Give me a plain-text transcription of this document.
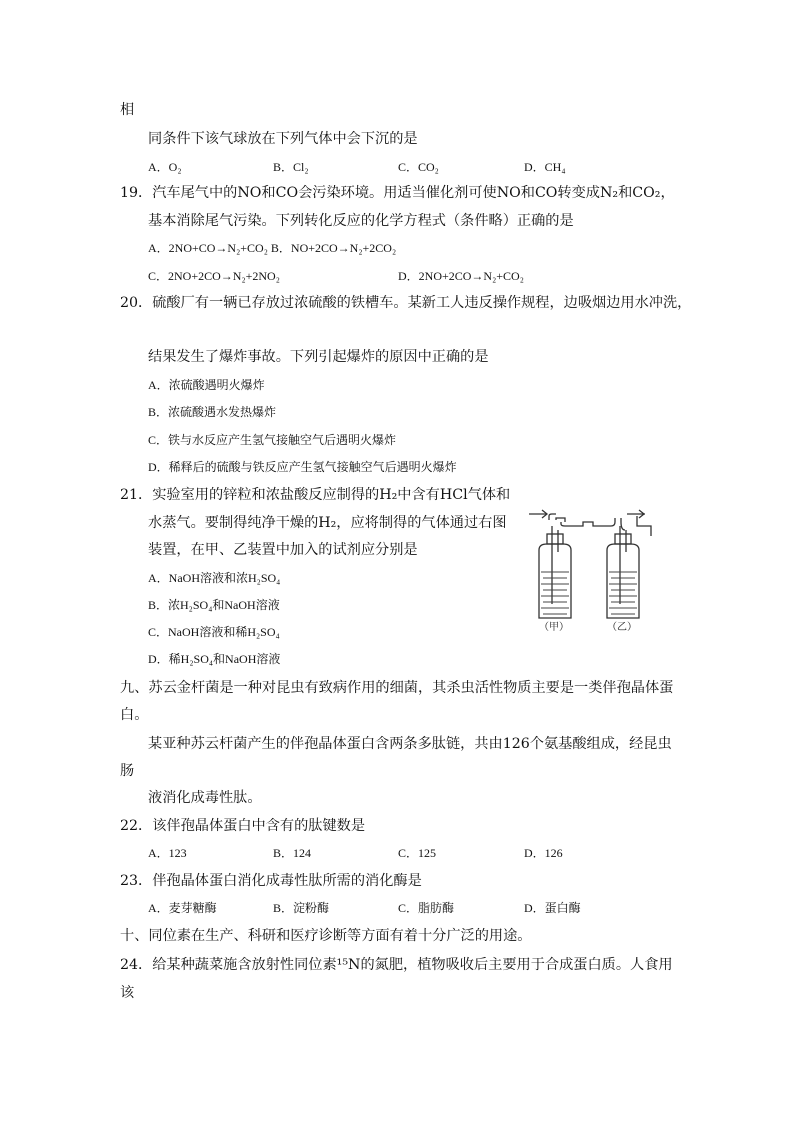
相
同条件下该气球放在下列气体中会下沉的是
A．O₂	B．Cl₂	C．CO₂	D．CH₄
19．汽车尾气中的NO和CO会污染环境。用适当催化剂可使NO和CO转变成N₂和CO₂，
基本消除尾气污染。下列转化反应的化学方程式（条件略）正确的是
A．2NO+CO→N₂+CO₂ B．NO+2CO→N₂+2CO₂
C．2NO+2CO→N₂+2NO₂	D．2NO+2CO→N₂+CO₂
20．硫酸厂有一辆已存放过浓硫酸的铁槽车。某新工人违反操作规程，边吸烟边用水冲洗，
结果发生了爆炸事故。下列引起爆炸的原因中正确的是
A．浓硫酸遇明火爆炸
B．浓硫酸遇水发热爆炸
C．铁与水反应产生氢气接触空气后遇明火爆炸
D．稀释后的硫酸与铁反应产生氢气接触空气后遇明火爆炸
21．实验室用的锌粒和浓盐酸反应制得的H₂中含有HCl气体和
水蒸气。要制得纯净干燥的H₂，应将制得的气体通过右图
装置，在甲、乙装置中加入的试剂应分别是
A．NaOH溶液和浓H₂SO₄
B．浓H₂SO₄和NaOH溶液
C．NaOH溶液和稀H₂SO₄
D．稀H₂SO₄和NaOH溶液
（甲）	（乙）
九、苏云金杆菌是一种对昆虫有致病作用的细菌，其杀虫活性物质主要是一类伴孢晶体蛋
白。
某亚种苏云杆菌产生的伴孢晶体蛋白含两条多肽链，共由126个氨基酸组成，经昆虫
肠
液消化成毒性肽。
22．该伴孢晶体蛋白中含有的肽键数是
A．123	B．124	C．125	D．126
23．伴孢晶体蛋白消化成毒性肽所需的消化酶是
A．麦芽糖酶	B．淀粉酶	C．脂肪酶	D．蛋白酶
十、同位素在生产、科研和医疗诊断等方面有着十分广泛的用途。
24．给某种蔬菜施含放射性同位素¹⁵N的氮肥，植物吸收后主要用于合成蛋白质。人食用
该
